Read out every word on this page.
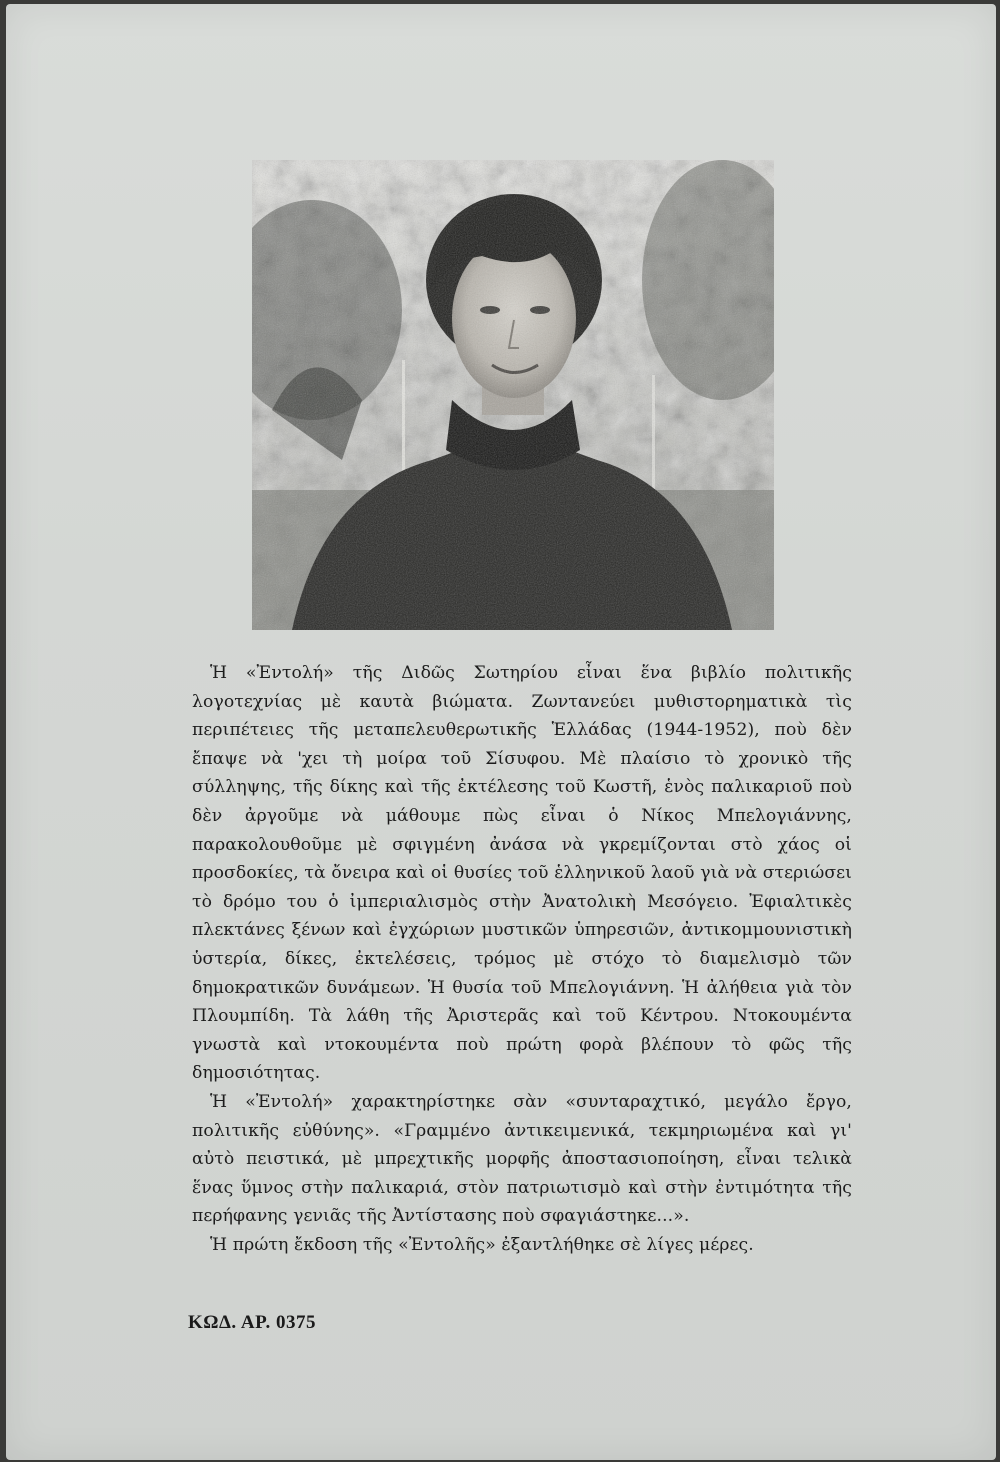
Ἡ «Ἐντολή» τῆς Διδῶς Σωτηρίου εἶναι ἕνα βιβλίο πολιτικῆς λογοτεχνίας μὲ καυτὰ βιώματα. Ζωντανεύει μυθιστορηματικὰ τὶς περιπέτειες τῆς μεταπελευθερωτικῆς Ἑλλάδας (1944-1952), ποὺ δὲν ἔπαψε νὰ 'χει τὴ μοίρα τοῦ Σίσυφου. Μὲ πλαίσιο τὸ χρονικὸ τῆς σύλληψης, τῆς δίκης καὶ τῆς ἐκτέλεσης τοῦ Κωστῆ, ἑνὸς παλικαριοῦ ποὺ δὲν ἀργοῦμε νὰ μάθουμε πὼς εἶναι ὁ Νίκος Μπελογιάννης, παρακολουθοῦμε μὲ σφιγμένη ἀνάσα νὰ γκρεμίζονται στὸ χάος οἱ προσδοκίες, τὰ ὄνειρα καὶ οἱ θυσίες τοῦ ἑλληνικοῦ λαοῦ γιὰ νὰ στεριώσει τὸ δρόμο του ὁ ἰμπεριαλισμὸς στὴν Ἀνατολικὴ Μεσόγειο. Ἐφιαλτικὲς πλεκτάνες ξένων καὶ ἐγχώριων μυστικῶν ὑπηρεσιῶν, ἀντικομμουνιστικὴ ὑστερία, δίκες, ἐκτελέσεις, τρόμος μὲ στόχο τὸ διαμελισμὸ τῶν δημοκρατικῶν δυνάμεων. Ἡ θυσία τοῦ Μπελογιάννη. Ἡ ἀλήθεια γιὰ τὸν Πλουμπίδη. Τὰ λάθη τῆς Ἀριστερᾶς καὶ τοῦ Κέντρου. Ντοκουμέντα γνωστὰ καὶ ντοκουμέντα ποὺ πρώτη φορὰ βλέπουν τὸ φῶς τῆς δημοσιότητας.

Ἡ «Ἐντολή» χαρακτηρίστηκε σὰν «συνταραχτικό, μεγάλο ἔργο, πολιτικῆς εὐθύνης». «Γραμμένο ἀντικειμενικά, τεκμηριωμένα καὶ γι' αὐτὸ πειστικά, μὲ μπρεχτικῆς μορφῆς ἀποστασιοποίηση, εἶναι τελικὰ ἕνας ὕμνος στὴν παλικαριά, στὸν πατριωτισμὸ καὶ στὴν ἐντιμότητα τῆς περήφανης γενιᾶς τῆς Ἀντίστασης ποὺ σφαγιάστηκε...».

Ἡ πρώτη ἔκδοση τῆς «Ἐντολῆς» ἐξαντλήθηκε σὲ λίγες μέρες.

ΚΩΔ. ΑΡ. 0375
